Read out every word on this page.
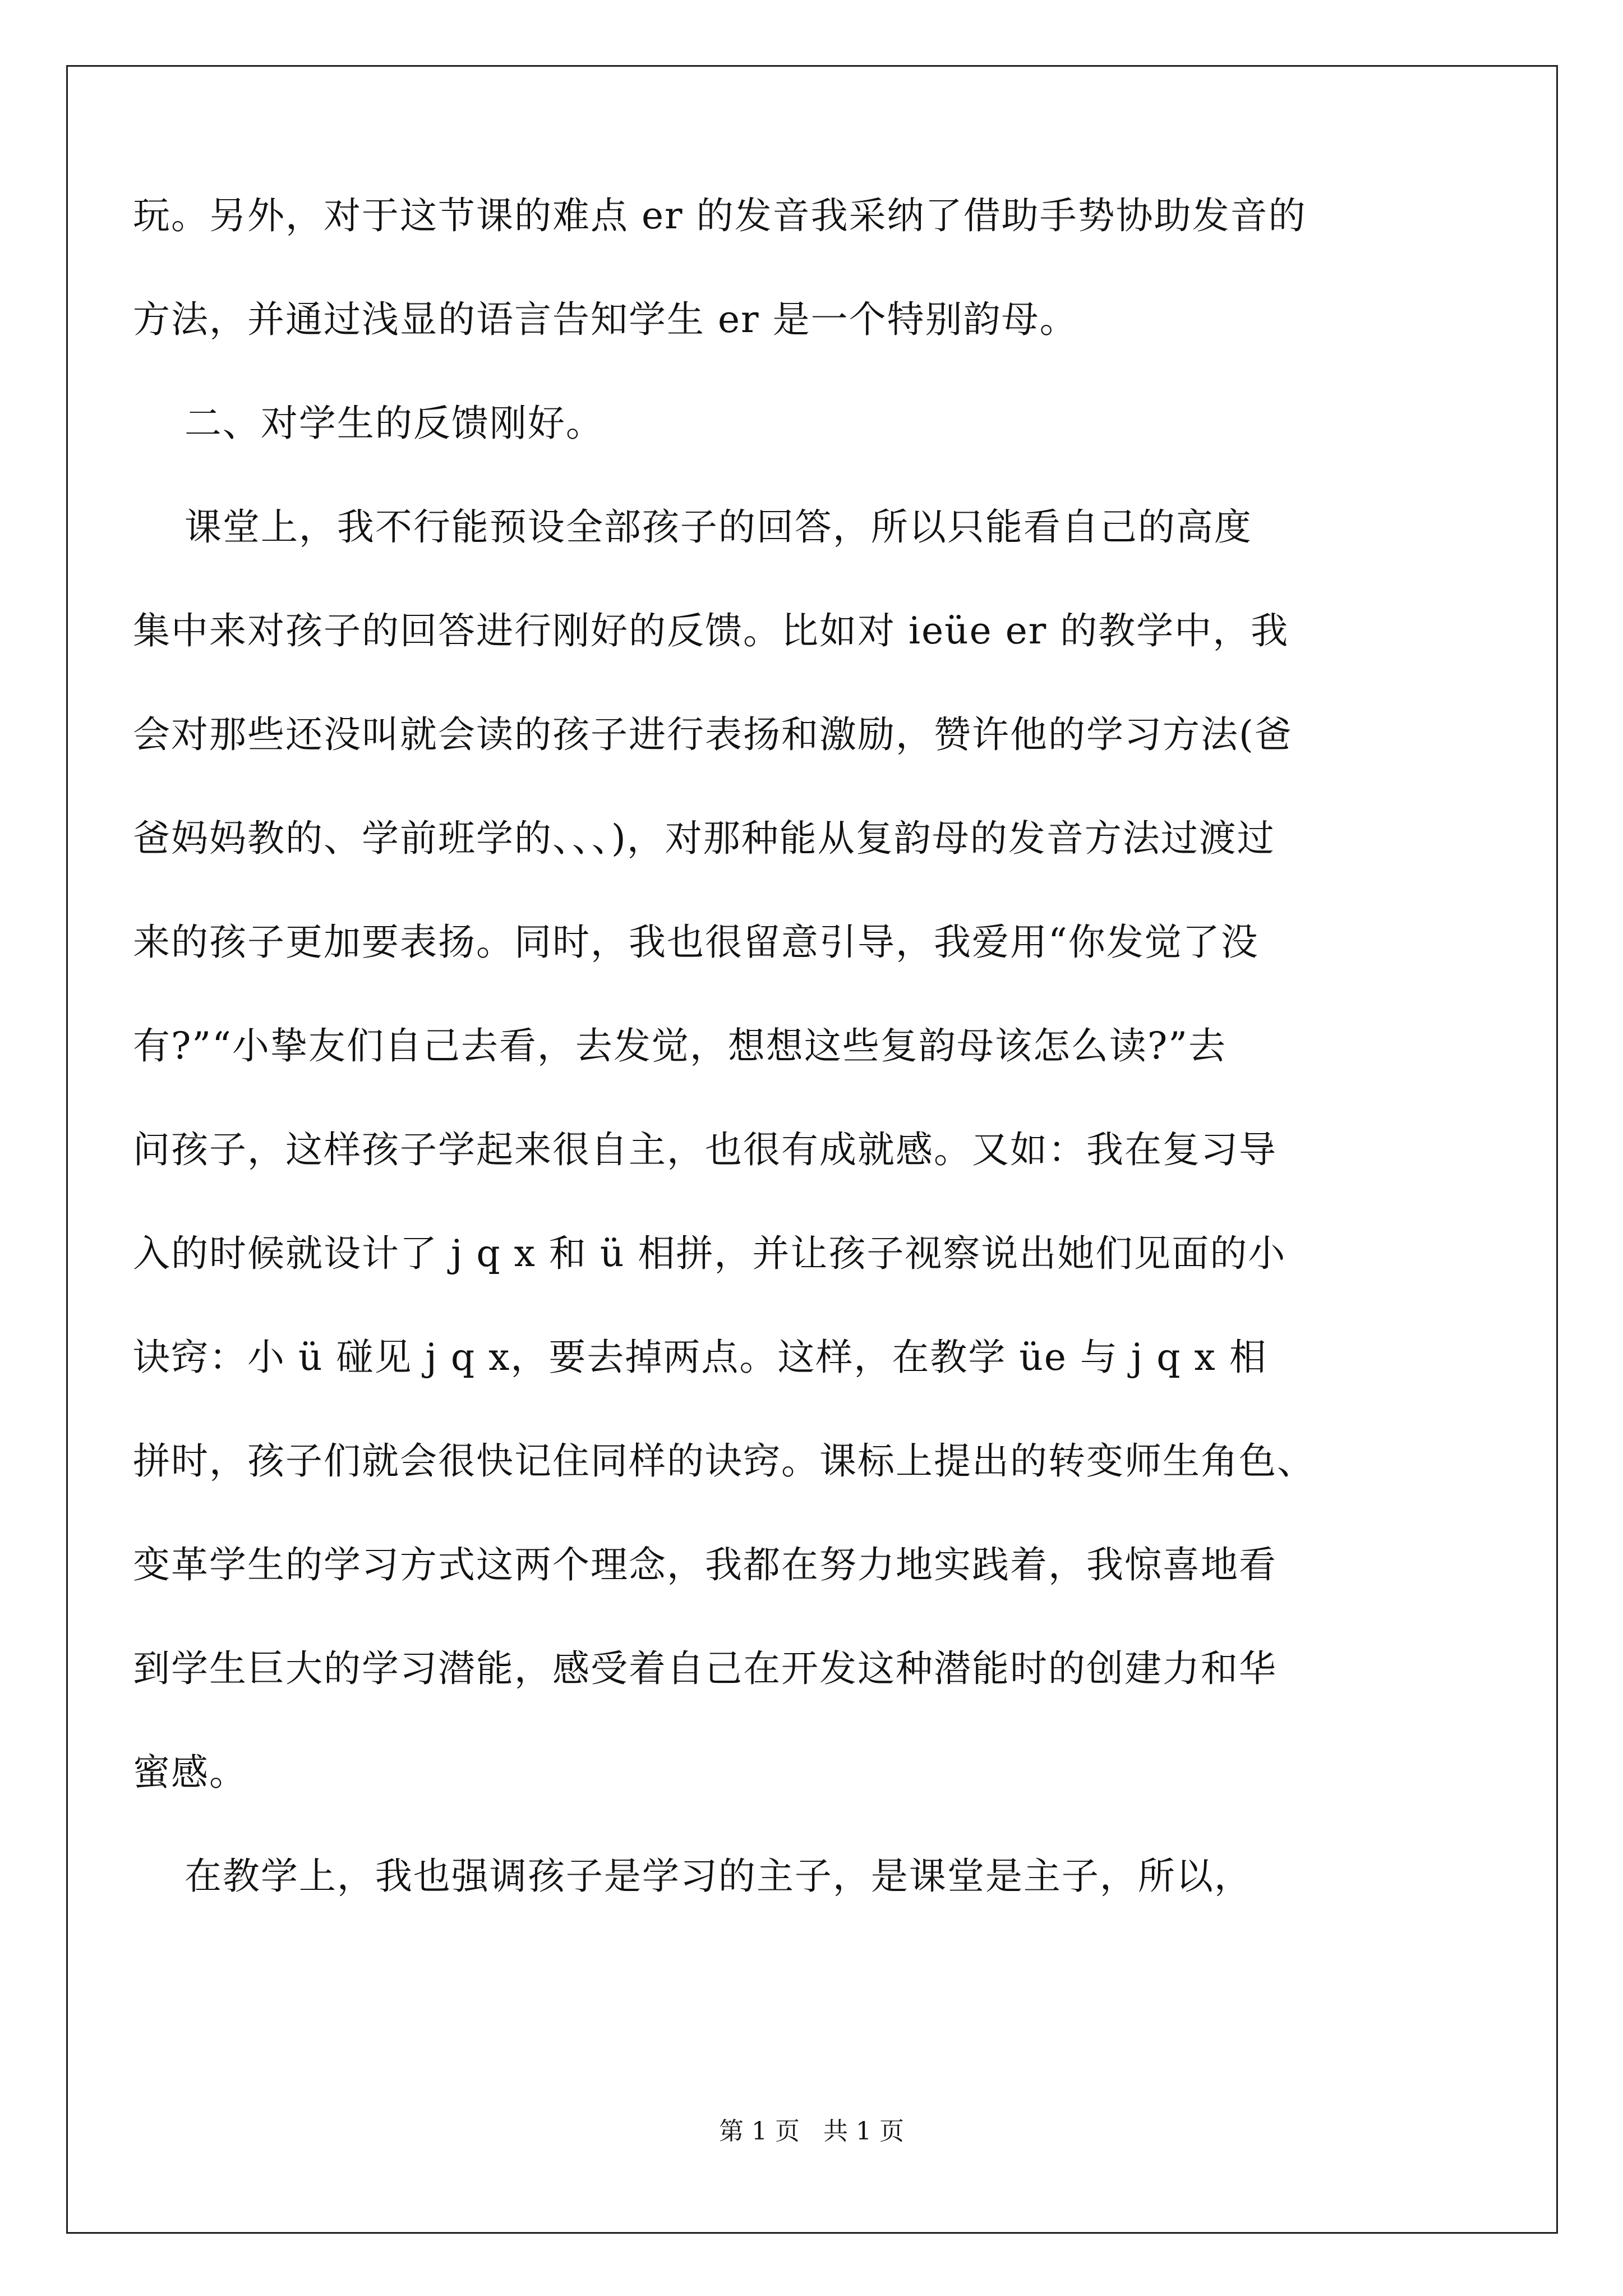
玩。另外，对于这节课的难点 er 的发音我采纳了借助手势协助发音的
方法，并通过浅显的语言告知学生 er 是一个特别韵母。
二、对学生的反馈刚好。
课堂上，我不行能预设全部孩子的回答，所以只能看自己的高度
集中来对孩子的回答进行刚好的反馈。比如对 ieüe er 的教学中，我
会对那些还没叫就会读的孩子进行表扬和激励，赞许他的学习方法(爸
爸妈妈教的、学前班学的、、、)，对那种能从复韵母的发音方法过渡过
来的孩子更加要表扬。同时，我也很留意引导，我爱用“你发觉了没
有?”“小挚友们自己去看，去发觉，想想这些复韵母该怎么读?”去
问孩子，这样孩子学起来很自主，也很有成就感。又如：我在复习导
入的时候就设计了 j q x 和 ü 相拼，并让孩子视察说出她们见面的小
诀窍：小 ü 碰见 j q x，要去掉两点。这样，在教学 üe 与 j q x 相
拼时，孩子们就会很快记住同样的诀窍。课标上提出的转变师生角色、
变革学生的学习方式这两个理念，我都在努力地实践着，我惊喜地看
到学生巨大的学习潜能，感受着自己在开发这种潜能时的创建力和华
蜜感。
在教学上，我也强调孩子是学习的主子，是课堂是主子，所以，
第 1 页   共 1 页
